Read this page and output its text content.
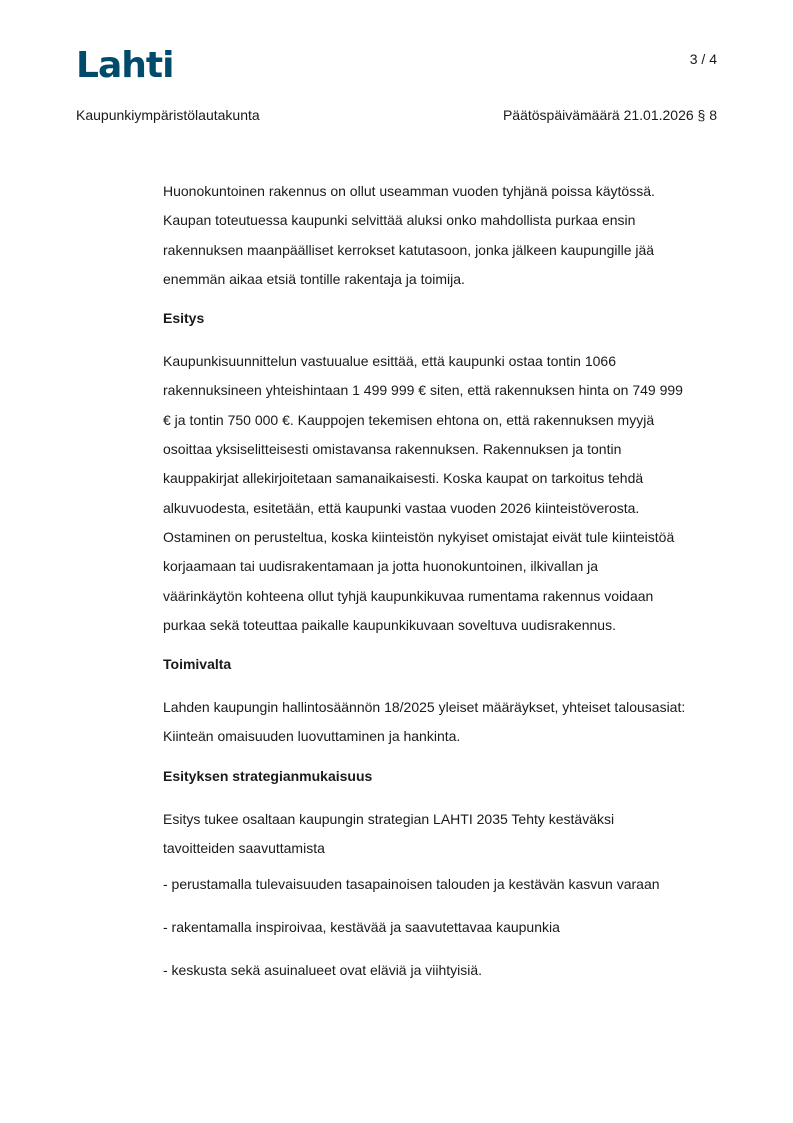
Lahti	3 / 4
Kaupunkiympäristölautakunta	Päätöspäivämäärä 21.01.2026 § 8

Huonokuntoinen rakennus on ollut useamman vuoden tyhjänä poissa käytössä.

Kaupan toteutuessa kaupunki selvittää aluksi onko mahdollista purkaa ensin

rakennuksen maanpäälliset kerrokset katutasoon, jonka jälkeen kaupungille jää

enemmän aikaa etsiä tontille rakentaja ja toimija.

Esitys

Kaupunkisuunnittelun vastuualue esittää, että kaupunki ostaa tontin 1066

rakennuksineen yhteishintaan 1 499 999 € siten, että rakennuksen hinta on 749 999

€ ja tontin 750 000 €. Kauppojen tekemisen ehtona on, että rakennuksen myyjä

osoittaa yksiselitteisesti omistavansa rakennuksen. Rakennuksen ja tontin

kauppakirjat allekirjoitetaan samanaikaisesti. Koska kaupat on tarkoitus tehdä

alkuvuodesta, esitetään, että kaupunki vastaa vuoden 2026 kiinteistöverosta.

Ostaminen on perusteltua, koska kiinteistön nykyiset omistajat eivät tule kiinteistöä

korjaamaan tai uudisrakentamaan ja jotta huonokuntoinen, ilkivallan ja

väärinkäytön kohteena ollut tyhjä kaupunkikuvaa rumentama rakennus voidaan

purkaa sekä toteuttaa paikalle kaupunkikuvaan soveltuva uudisrakennus.

Toimivalta

Lahden kaupungin hallintosäännön 18/2025 yleiset määräykset, yhteiset talousasiat:

Kiinteän omaisuuden luovuttaminen ja hankinta.

Esityksen strategianmukaisuus

Esitys tukee osaltaan kaupungin strategian LAHTI 2035 Tehty kestäväksi

tavoitteiden saavuttamista

- perustamalla tulevaisuuden tasapainoisen talouden ja kestävän kasvun varaan

- rakentamalla inspiroivaa, kestävää ja saavutettavaa kaupunkia

- keskusta sekä asuinalueet ovat eläviä ja viihtyisiä.
